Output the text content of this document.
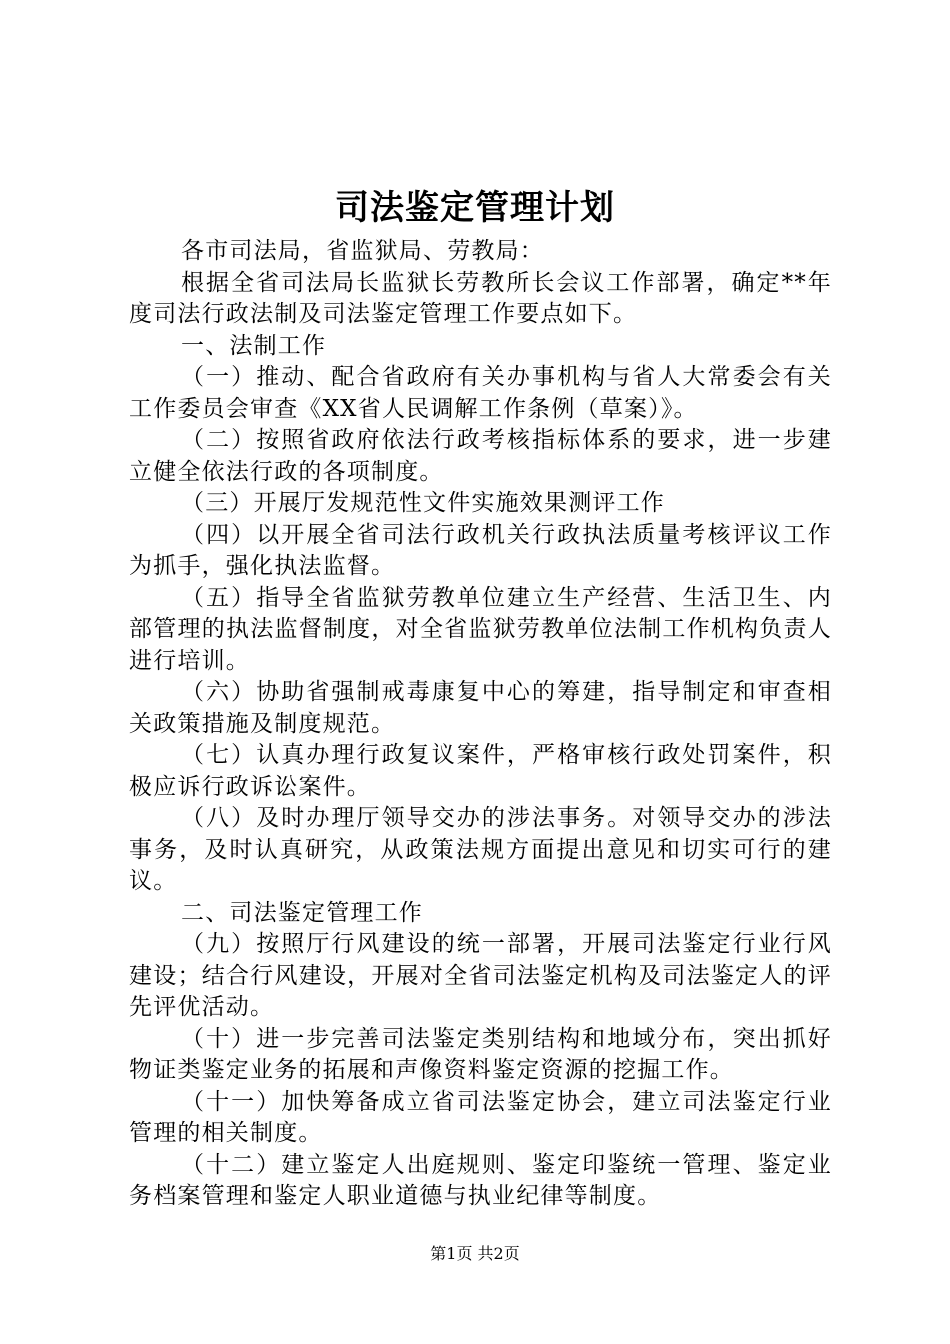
司法鉴定管理计划

各市司法局，省监狱局、劳教局：

根据全省司法局长监狱长劳教所长会议工作部署，确定**年度司法行政法制及司法鉴定管理工作要点如下。

一、法制工作

（一）推动、配合省政府有关办事机构与省人大常委会有关工作委员会审查《XX省人民调解工作条例（草案）》。

（二）按照省政府依法行政考核指标体系的要求，进一步建立健全依法行政的各项制度。

（三）开展厅发规范性文件实施效果测评工作

（四）以开展全省司法行政机关行政执法质量考核评议工作为抓手，强化执法监督。

（五）指导全省监狱劳教单位建立生产经营、生活卫生、内部管理的执法监督制度，对全省监狱劳教单位法制工作机构负责人进行培训。

（六）协助省强制戒毒康复中心的筹建，指导制定和审查相关政策措施及制度规范。

（七）认真办理行政复议案件，严格审核行政处罚案件，积极应诉行政诉讼案件。

（八）及时办理厅领导交办的涉法事务。对领导交办的涉法事务，及时认真研究，从政策法规方面提出意见和切实可行的建议。

二、司法鉴定管理工作

（九）按照厅行风建设的统一部署，开展司法鉴定行业行风建设；结合行风建设，开展对全省司法鉴定机构及司法鉴定人的评先评优活动。

（十）进一步完善司法鉴定类别结构和地域分布，突出抓好物证类鉴定业务的拓展和声像资料鉴定资源的挖掘工作。

（十一）加快筹备成立省司法鉴定协会，建立司法鉴定行业管理的相关制度。

（十二）建立鉴定人出庭规则、鉴定印鉴统一管理、鉴定业务档案管理和鉴定人职业道德与执业纪律等制度。

第1页 共2页
